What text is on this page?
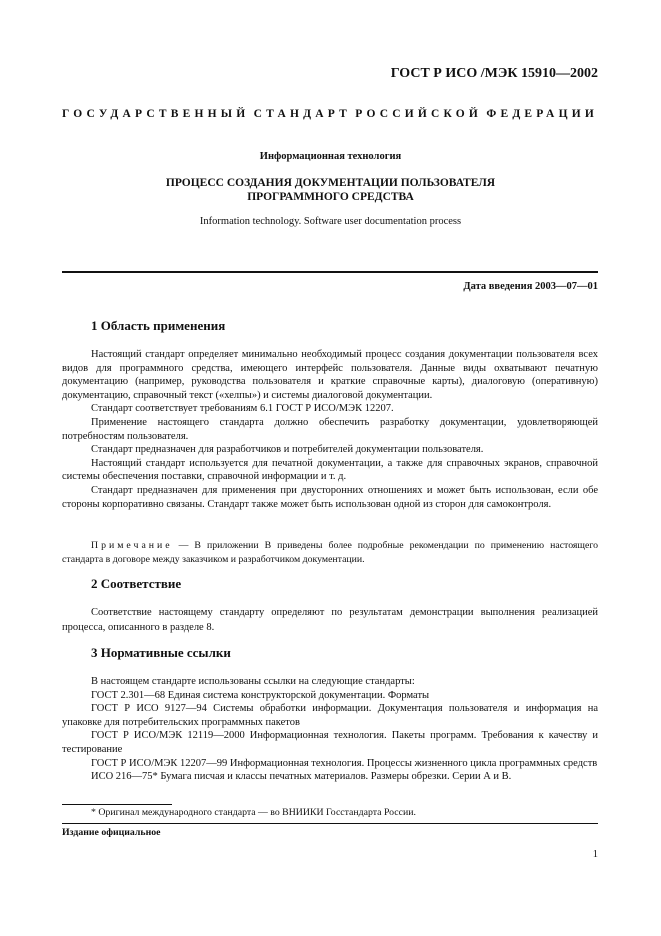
ГОСТ Р ИСО /МЭК 15910—2002
ГОСУДАРСТВЕННЫЙ СТАНДАРТ РОССИЙСКОЙ ФЕДЕРАЦИИ
Информационная технология
ПРОЦЕСС СОЗДАНИЯ ДОКУМЕНТАЦИИ ПОЛЬЗОВАТЕЛЯ
ПРОГРАММНОГО СРЕДСТВА
Information technology. Software user documentation process
Дата введения 2003—07—01
1 Область применения

Настоящий стандарт определяет минимально необходимый процесс создания документации пользователя всех видов для программного средства, имеющего интерфейс пользователя. Данные виды охватывают печатную документацию (например, руководства пользователя и краткие справочные карты), диалоговую (оперативную) документацию, справочный текст («хелпы») и системы диалоговой документации.

Стандарт соответствует требованиям 6.1 ГОСТ Р ИСО/МЭК 12207.

Применение настоящего стандарта должно обеспечить разработку документации, удовлетворяющей потребностям пользователя.

Стандарт предназначен для разработчиков и потребителей документации пользователя.

Настоящий стандарт используется для печатной документации, а также для справочных экранов, справочной системы обеспечения поставки, справочной информации и т. д.

Стандарт предназначен для применения при двусторонних отношениях и может быть использован, если обе стороны корпоративно связаны. Стандарт также может быть использован одной из сторон для самоконтроля.

Примечание — В приложении В приведены более подробные рекомендации по применению настоящего стандарта в договоре между заказчиком и разработчиком документации.

2 Соответствие

Соответствие настоящему стандарту определяют по результатам демонстрации выполнения реализацией процесса, описанного в разделе 8.

3 Нормативные ссылки

В настоящем стандарте использованы ссылки на следующие стандарты:

ГОСТ 2.301—68 Единая система конструкторской документации. Форматы

ГОСТ Р ИСО 9127—94 Системы обработки информации. Документация пользователя и информация на упаковке для потребительских программных пакетов

ГОСТ Р ИСО/МЭК 12119—2000 Информационная технология. Пакеты программ. Требования к качеству и тестирование

ГОСТ Р ИСО/МЭК 12207—99 Информационная технология. Процессы жизненного цикла программных средств

ИСО 216—75* Бумага писчая и классы печатных материалов. Размеры обрезки. Серии А и В.

* Оригинал международного стандарта — во ВНИИКИ Госстандарта России.
Издание официальное
1
